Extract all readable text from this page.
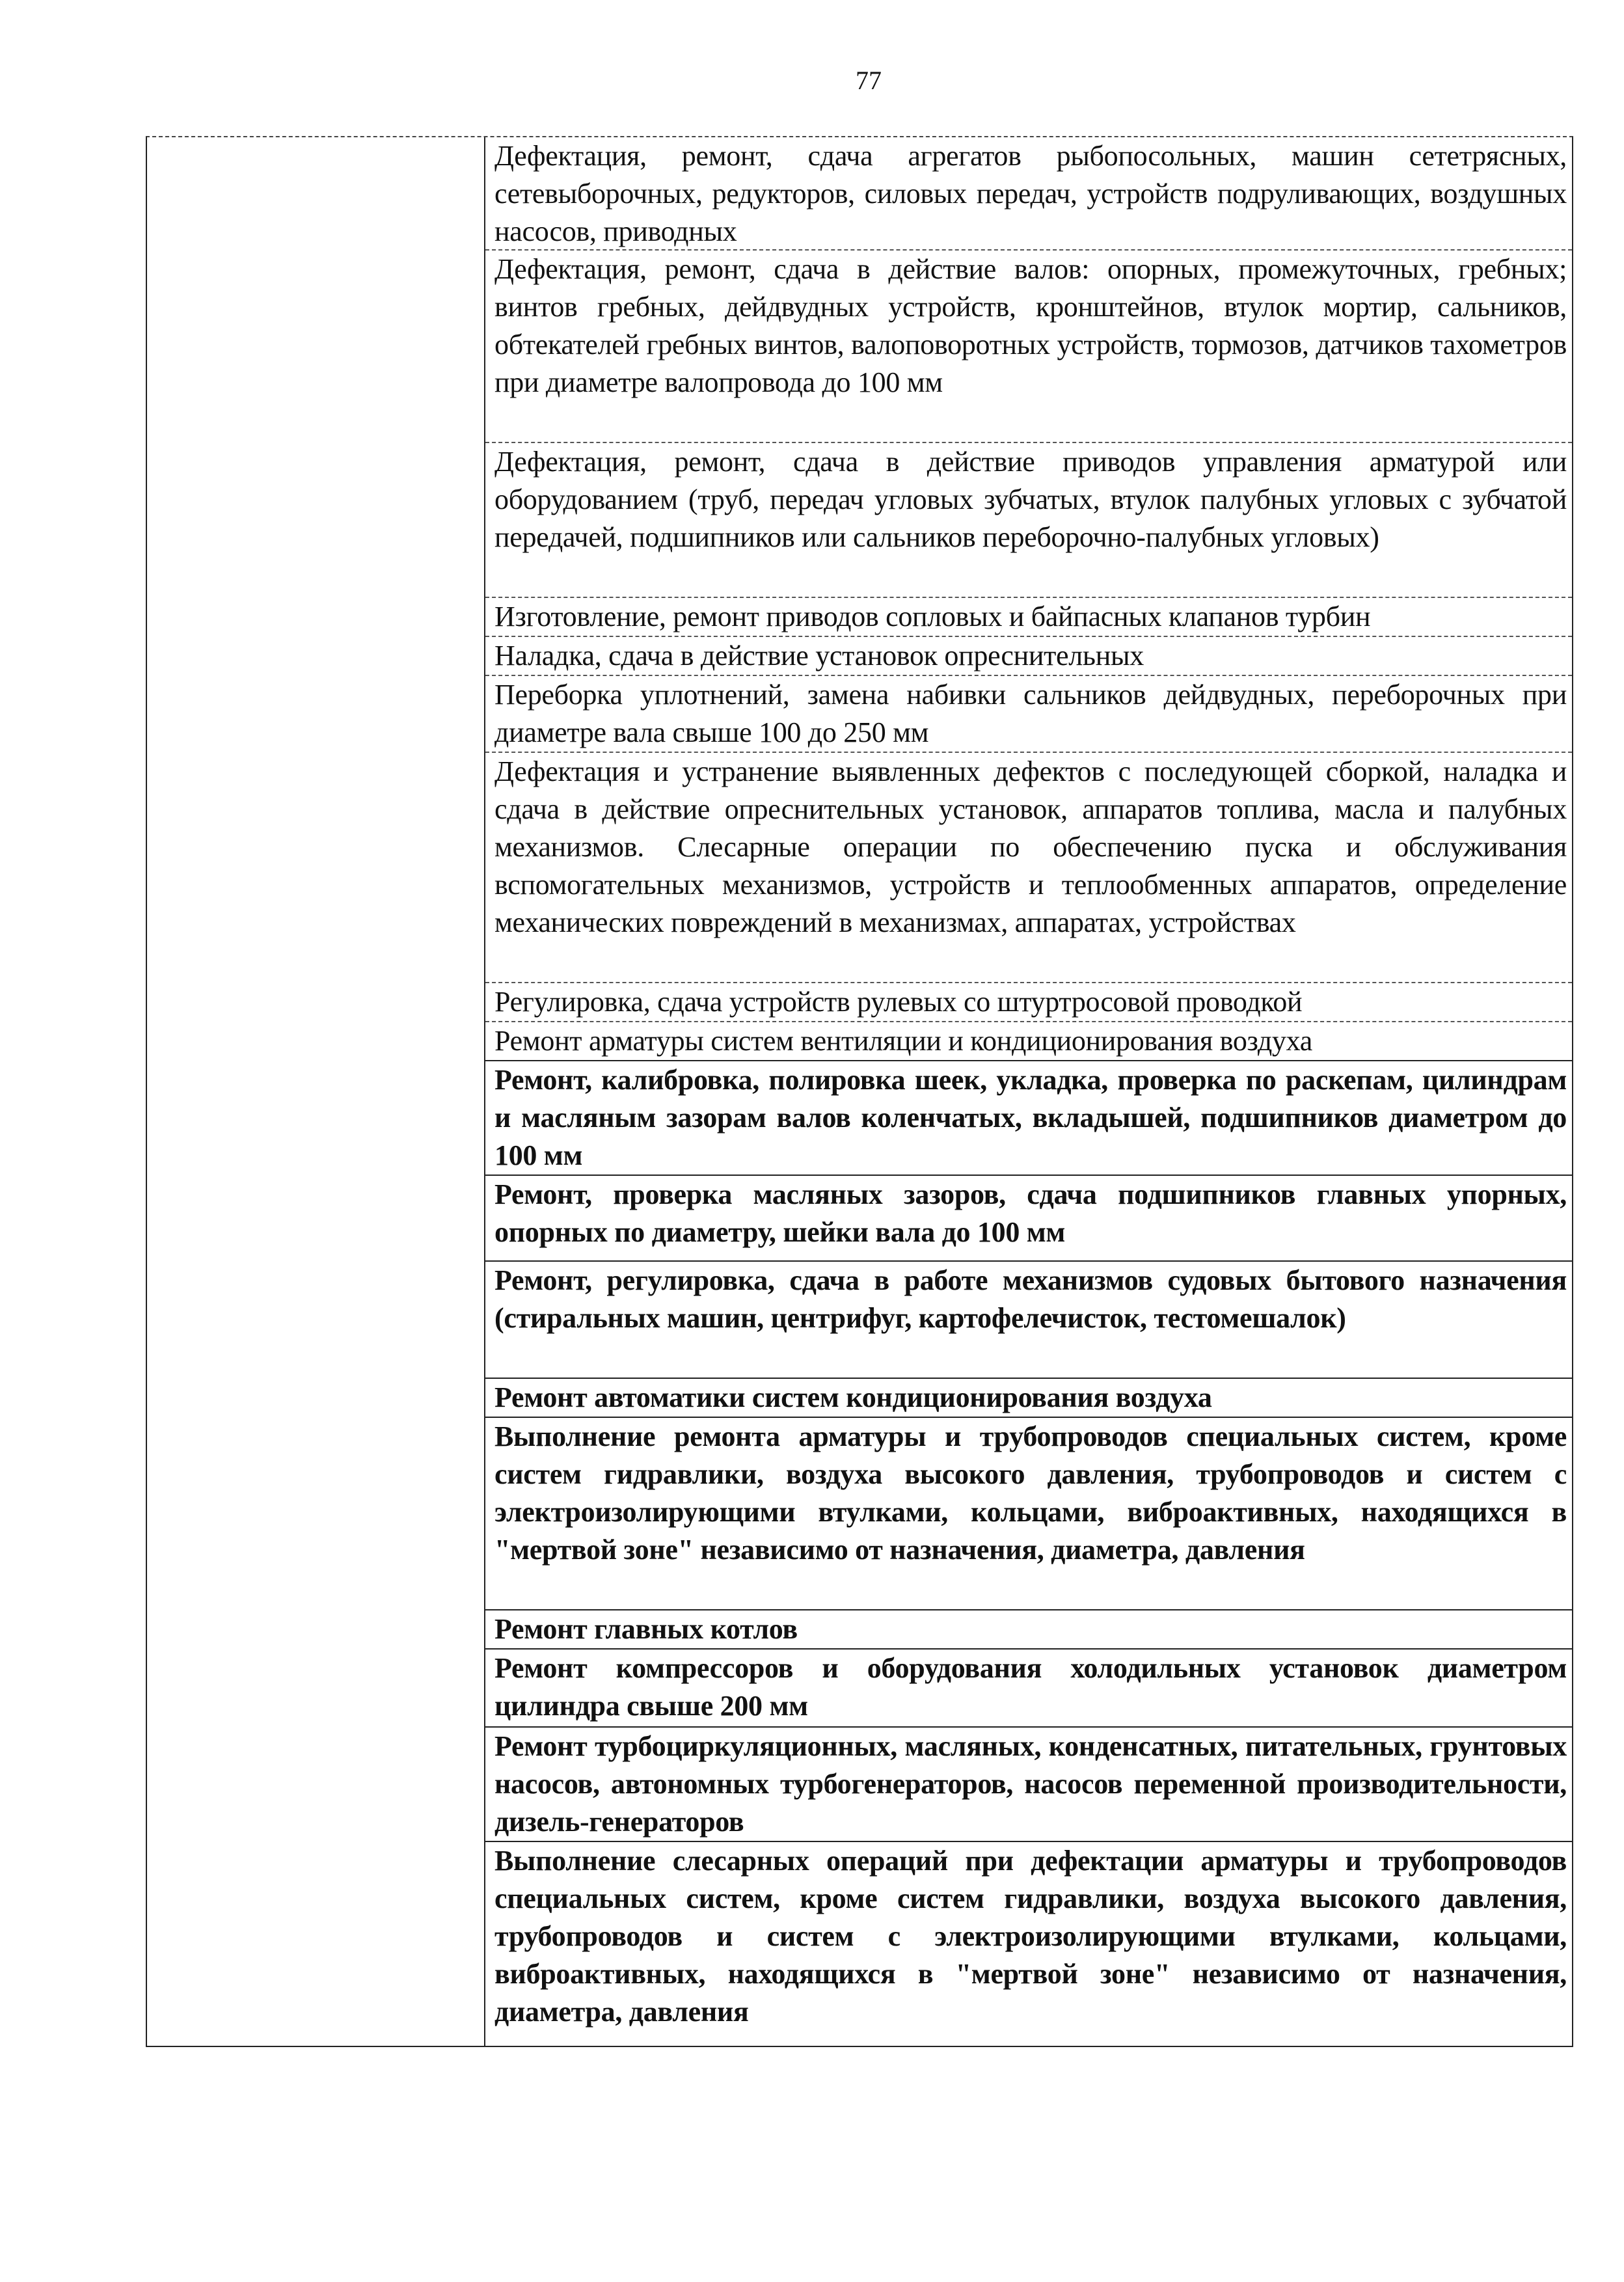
77
Дефектация, ремонт, сдача агрегатов рыбопосольных, машин сететрясных, сетевыборочных, редукторов, силовых передач, устройств подруливающих, воздушных насосов, приводных
Дефектация, ремонт, сдача в действие валов: опорных, промежуточных, гребных; винтов гребных, дейдвудных устройств, кронштейнов, втулок мортир, сальников, обтекателей гребных винтов, валоповоротных устройств, тормозов, датчиков тахометров при диаметре валопровода до 100 мм
Дефектация, ремонт, сдача в действие приводов управления арматурой или оборудованием (труб, передач угловых зубчатых, втулок палубных угловых с зубчатой передачей, подшипников или сальников переборочно-палубных угловых)
Изготовление, ремонт приводов сопловых и байпасных клапанов турбин
Наладка, сдача в действие установок опреснительных
Переборка уплотнений, замена набивки сальников дейдвудных, переборочных при диаметре вала свыше 100 до 250 мм
Дефектация и устранение выявленных дефектов с последующей сборкой, наладка и сдача в действие опреснительных установок, аппаратов топлива, масла и палубных механизмов. Слесарные операции по обеспечению пуска и обслуживания вспомогательных механизмов, устройств и теплообменных аппаратов, определение механических повреждений в механизмах, аппаратах, устройствах
Регулировка, сдача устройств рулевых со штуртросовой проводкой
Ремонт арматуры систем вентиляции и кондиционирования воздуха
Ремонт, калибровка, полировка шеек, укладка, проверка по раскепам, цилиндрам и масляным зазорам валов коленчатых, вкладышей, подшипников диаметром до 100 мм
Ремонт, проверка масляных зазоров, сдача подшипников главных упорных, опорных по диаметру, шейки вала до 100 мм
Ремонт, регулировка, сдача в работе механизмов судовых бытового назначения (стиральных машин, центрифуг, картофелечисток, тестомешалок)
Ремонт автоматики систем кондиционирования воздуха
Выполнение ремонта арматуры и трубопроводов специальных систем, кроме систем гидравлики, воздуха высокого давления, трубопроводов и систем с электроизолирующими втулками, кольцами, виброактивных, находящихся в "мертвой зоне" независимо от назначения, диаметра, давления
Ремонт главных котлов
Ремонт компрессоров и оборудования холодильных установок диаметром цилиндра свыше 200 мм
Ремонт турбоциркуляционных, масляных, конденсатных, питательных, грунтовых насосов, автономных турбогенераторов, насосов переменной производительности, дизель-генераторов
Выполнение слесарных операций при дефектации арматуры и трубопроводов специальных систем, кроме систем гидравлики, воздуха высокого давления, трубопроводов и систем с электроизолирующими втулками, кольцами, виброактивных, находящихся в "мертвой зоне" независимо от назначения, диаметра, давления
